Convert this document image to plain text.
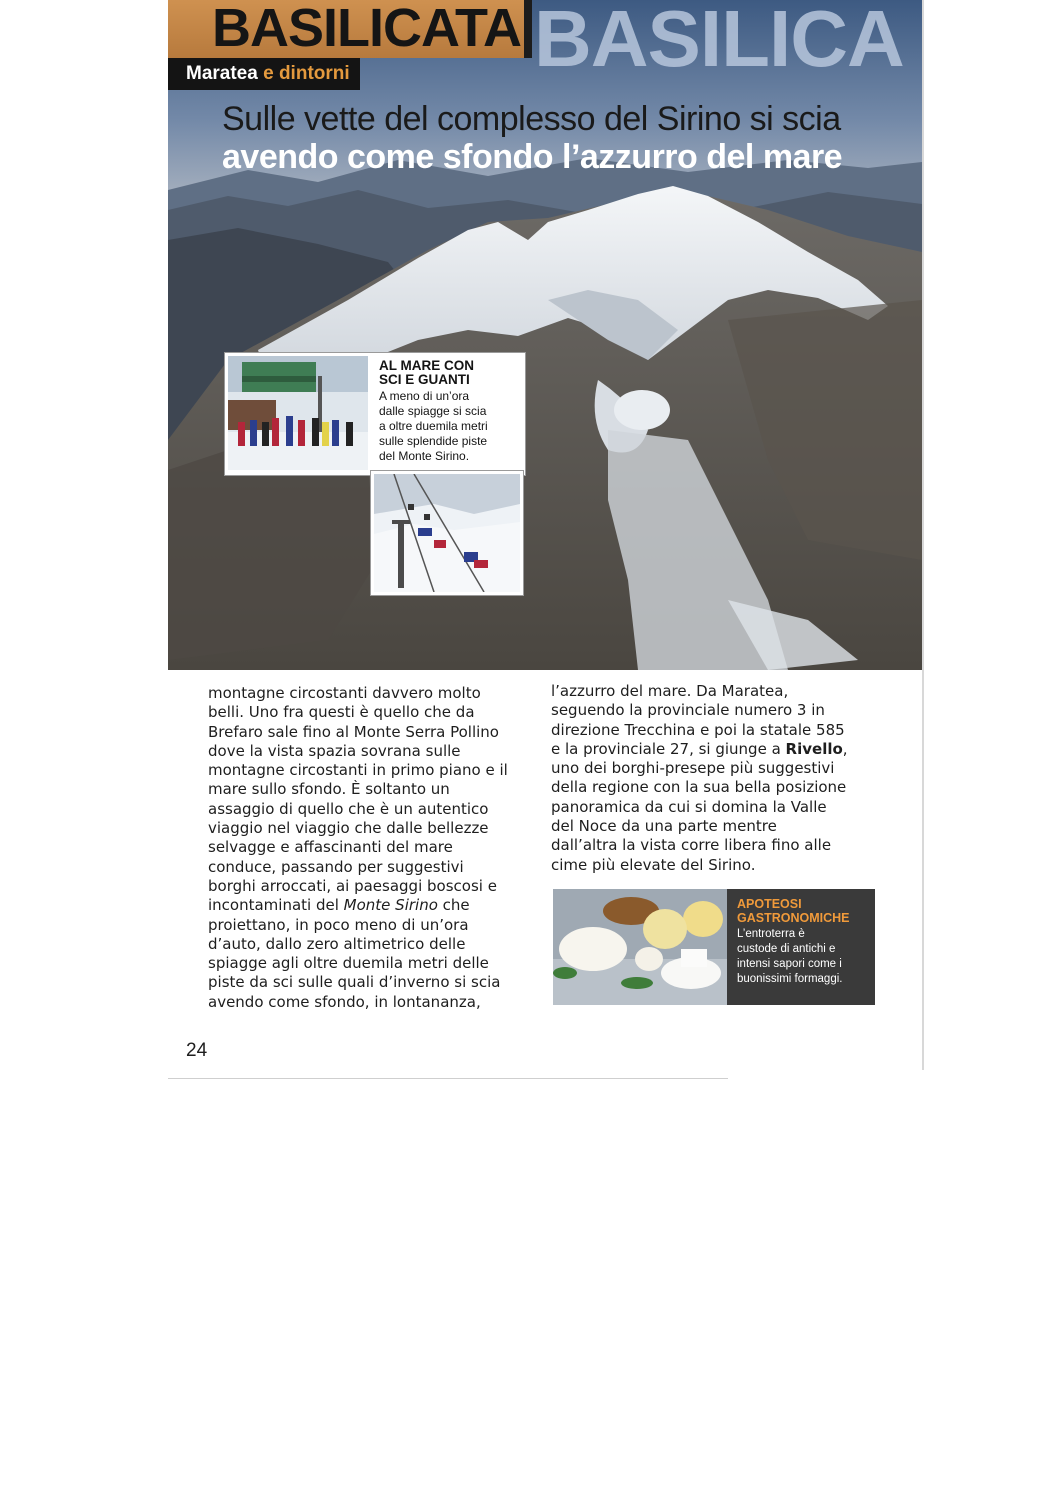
BASILICATA BASILICA
Maratea e dintorni
Sulle vette del complesso del Sirino si scia
avendo come sfondo l’azzurro del mare
AL MARE CON
SCI E GUANTI
A meno di un’ora
dalle spiagge si scia
a oltre duemila metri
sulle splendide piste
del Monte Sirino.
montagne circostanti davvero molto
belli. Uno fra questi è quello che da
Brefaro sale fino al Monte Serra Pollino
dove la vista spazia sovrana sulle
montagne circostanti in primo piano e il
mare sullo sfondo. È soltanto un
assaggio di quello che è un autentico
viaggio nel viaggio che dalle bellezze
selvagge e affascinanti del mare
conduce, passando per suggestivi
borghi arroccati, ai paesaggi boscosi e
incontaminati del Monte Sirino che
proiettano, in poco meno di un’ora
d’auto, dallo zero altimetrico delle
spiagge agli oltre duemila metri delle
piste da sci sulle quali d’inverno si scia
avendo come sfondo, in lontananza,
l’azzurro del mare. Da Maratea,
seguendo la provinciale numero 3 in
direzione Trecchina e poi la statale 585
e la provinciale 27, si giunge a Rivello,
uno dei borghi-presepe più suggestivi
della regione con la sua bella posizione
panoramica da cui si domina la Valle
del Noce da una parte mentre
dall’altra la vista corre libera fino alle
cime più elevate del Sirino.
APOTEOSI
GASTRONOMICHE
L’entroterra è
custode di antichi e
intensi sapori come i
buonissimi formaggi.
24
